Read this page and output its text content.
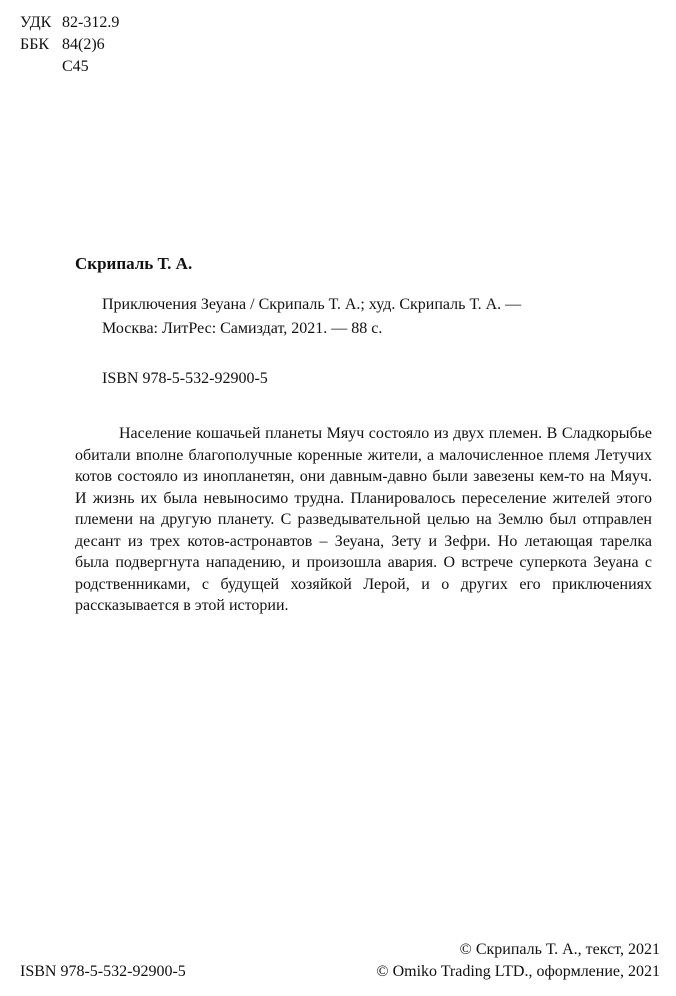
УДК 82-312.9
ББК 84(2)6
С45
Скрипаль Т. А.
Приключения Зеуана / Скрипаль Т. А.; худ. Скрипаль Т. А. —
Москва: ЛитРес: Самиздат, 2021. — 88 с.
ISBN 978-5-532-92900-5

Население кошачьей планеты Мяуч состояло из двух племен. В Сладкорыбье обитали вполне благополучные коренные жители, а малочисленное племя Летучих котов состояло из инопланетян, они давным-давно были завезены кем-то на Мяуч. И жизнь их была невыносимо трудна. Планировалось переселение жителей этого племени на другую планету. С разведывательной целью на Землю был отправлен десант из трех котов-астронавтов – Зеуана, Зету и Зефри. Но летающая тарелка была подвергнута нападению, и произошла авария. О встрече суперкота Зеуана с родственниками, с будущей хозяйкой Лерой, и о других его приключениях рассказывается в этой истории.

© Скрипаль Т. А., текст, 2021
© Omiko Trading LTD., оформление, 2021
ISBN 978-5-532-92900-5
